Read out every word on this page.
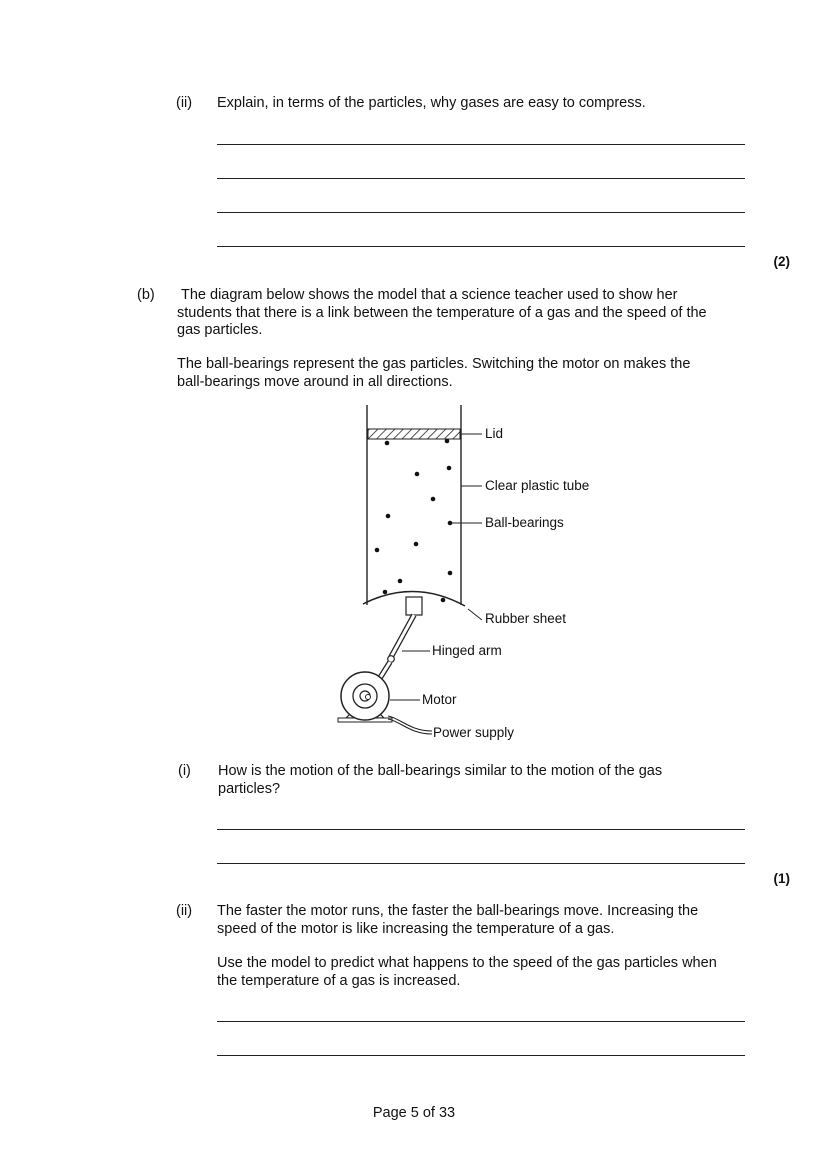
(ii) Explain, in terms of the particles, why gases are easy to compress.
(2)
(b) The diagram below shows the model that a science teacher used to show her
students that there is a link between the temperature of a gas and the speed of the
gas particles.
The ball-bearings represent the gas particles. Switching the motor on makes the
ball-bearings move around in all directions.
Lid
Clear plastic tube
Ball-bearings
Rubber sheet
Hinged arm
Motor
Power supply
(i) How is the motion of the ball-bearings similar to the motion of the gas
particles?
(1)
(ii) The faster the motor runs, the faster the ball-bearings move. Increasing the
speed of the motor is like increasing the temperature of a gas.
Use the model to predict what happens to the speed of the gas particles when
the temperature of a gas is increased.
Page 5 of 33
